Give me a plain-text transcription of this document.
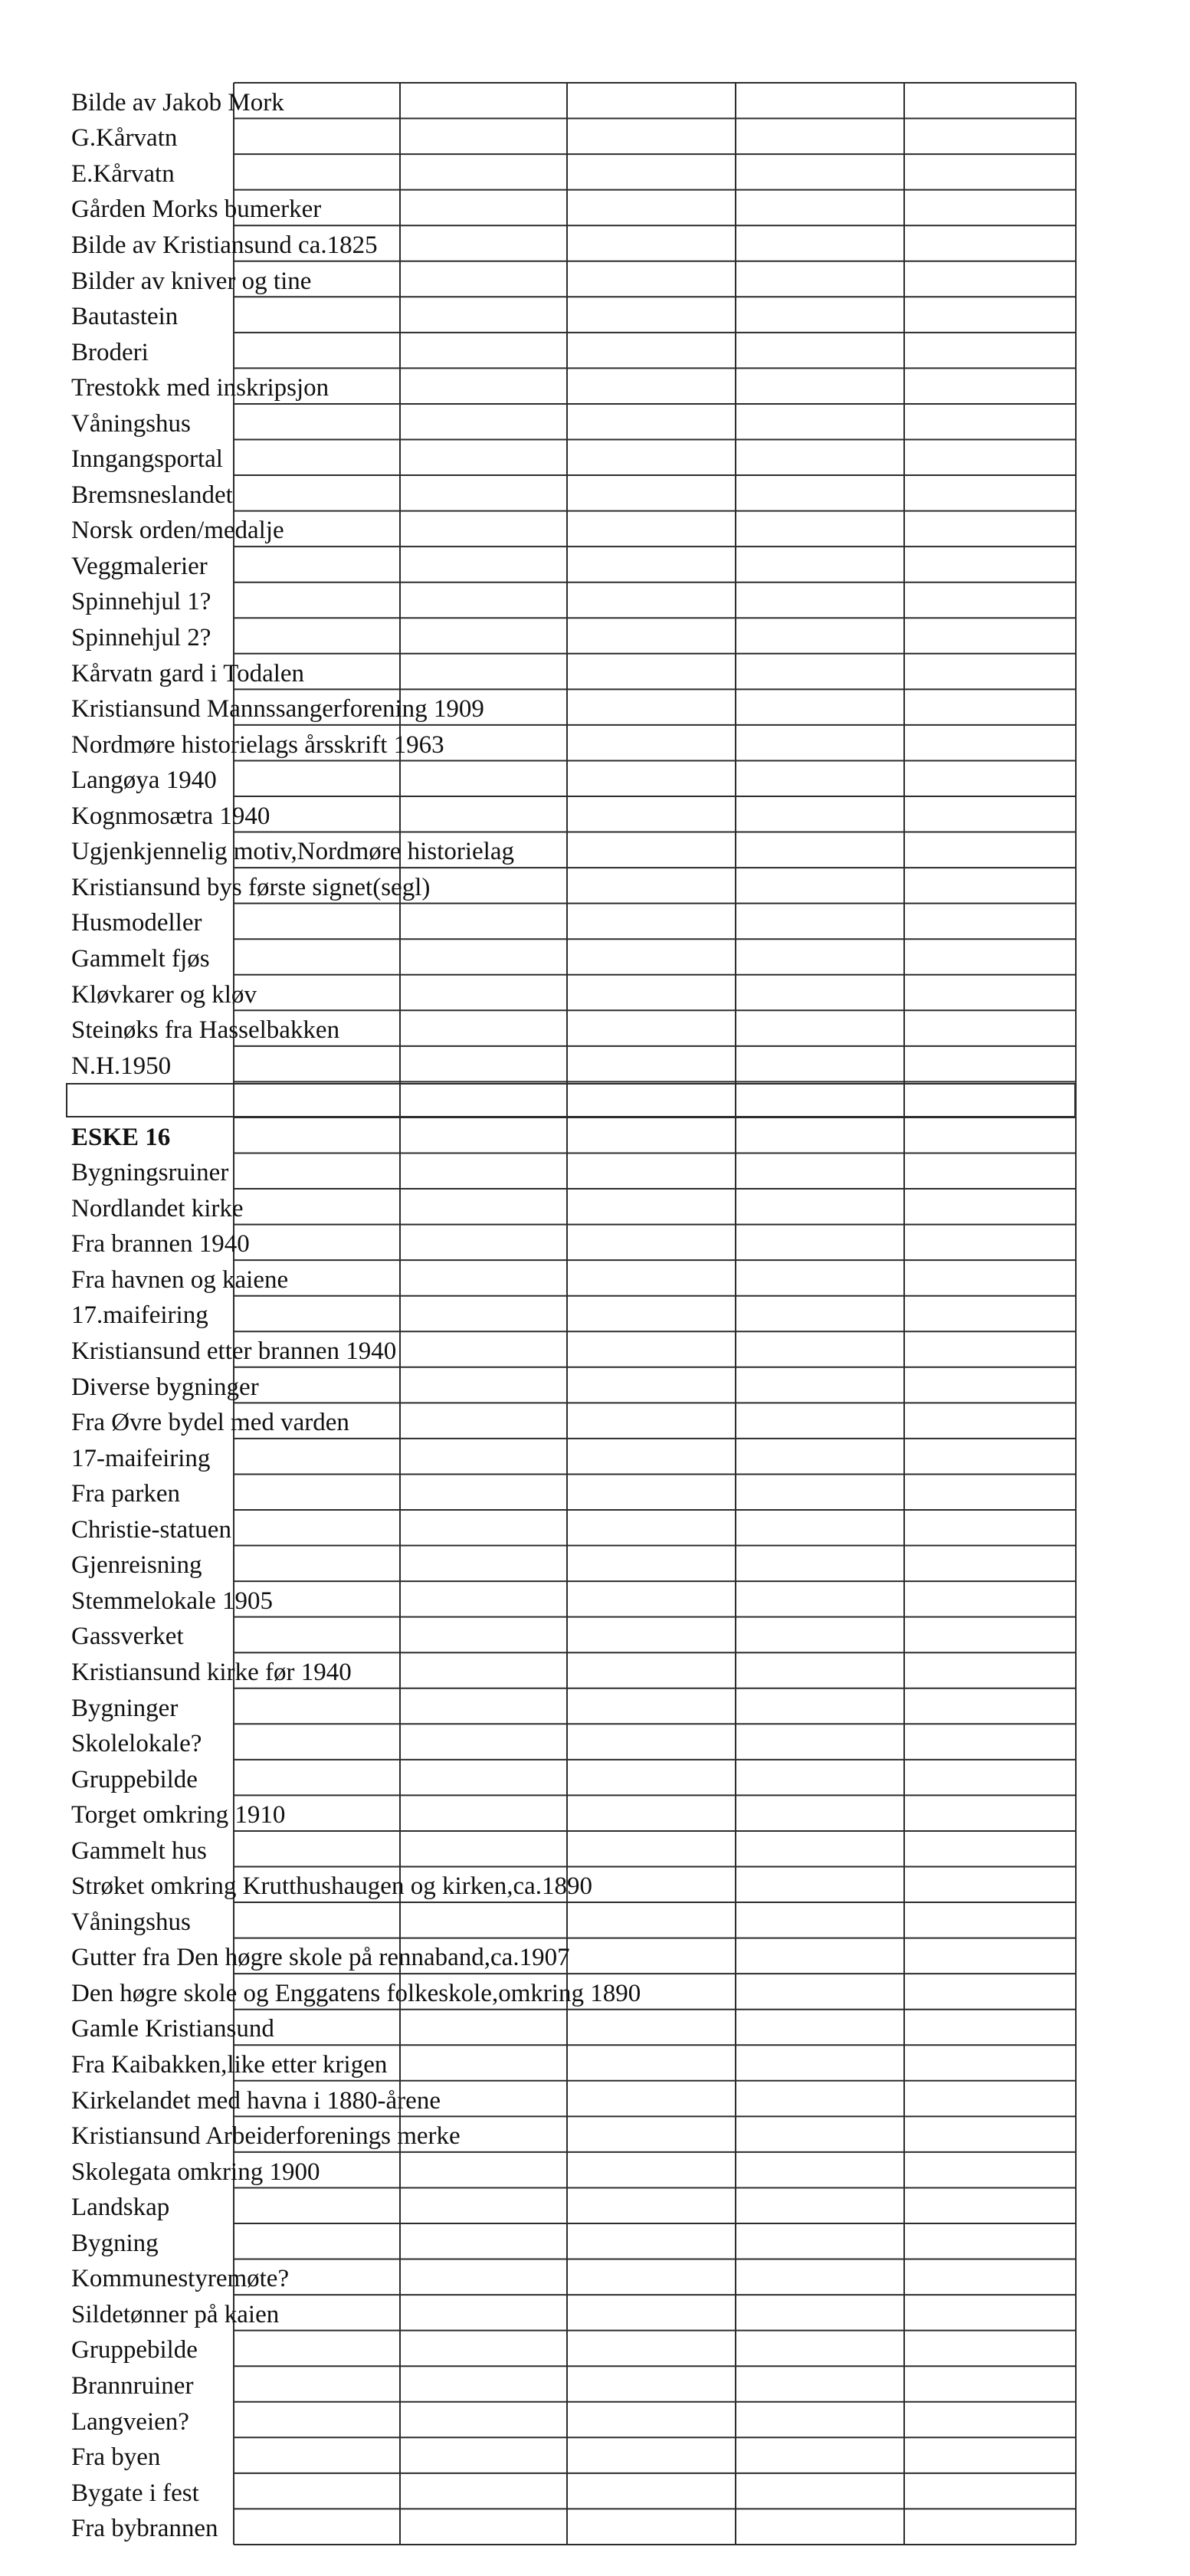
Bilde av Jakob Mork
G.Kårvatn
E.Kårvatn
Gården Morks bumerker
Bilde av Kristiansund ca.1825
Bilder av kniver og tine
Bautastein
Broderi
Trestokk med inskripsjon
Våningshus
Inngangsportal
Bremsneslandet
Norsk orden/medalje
Veggmalerier
Spinnehjul 1?
Spinnehjul 2?
Kårvatn gard i Todalen
Kristiansund Mannssangerforening 1909
Nordmøre historielags årsskrift 1963
Langøya 1940
Kognmosætra 1940
Ugjenkjennelig motiv,Nordmøre historielag
Kristiansund bys første signet(segl)
Husmodeller
Gammelt fjøs
Kløvkarer og kløv
Steinøks fra Hasselbakken
N.H.1950
ESKE 16
Bygningsruiner
Nordlandet kirke
Fra brannen 1940
Fra havnen og kaiene
17.maifeiring
Kristiansund etter brannen 1940
Diverse bygninger
Fra Øvre bydel med varden
17-maifeiring
Fra parken
Christie-statuen
Gjenreisning
Stemmelokale 1905
Gassverket
Kristiansund kirke før 1940
Bygninger
Skolelokale?
Gruppebilde
Torget omkring 1910
Gammelt hus
Strøket omkring Krutthushaugen og kirken,ca.1890
Våningshus
Gutter fra Den høgre skole på rennaband,ca.1907
Den høgre skole og Enggatens folkeskole,omkring 1890
Gamle Kristiansund
Fra Kaibakken,like etter krigen
Kirkelandet med havna i 1880-årene
Kristiansund Arbeiderforenings merke
Skolegata omkring 1900
Landskap
Bygning
Kommunestyremøte?
Sildetønner på kaien
Gruppebilde
Brannruiner
Langveien?
Fra byen
Bygate i fest
Fra bybrannen
